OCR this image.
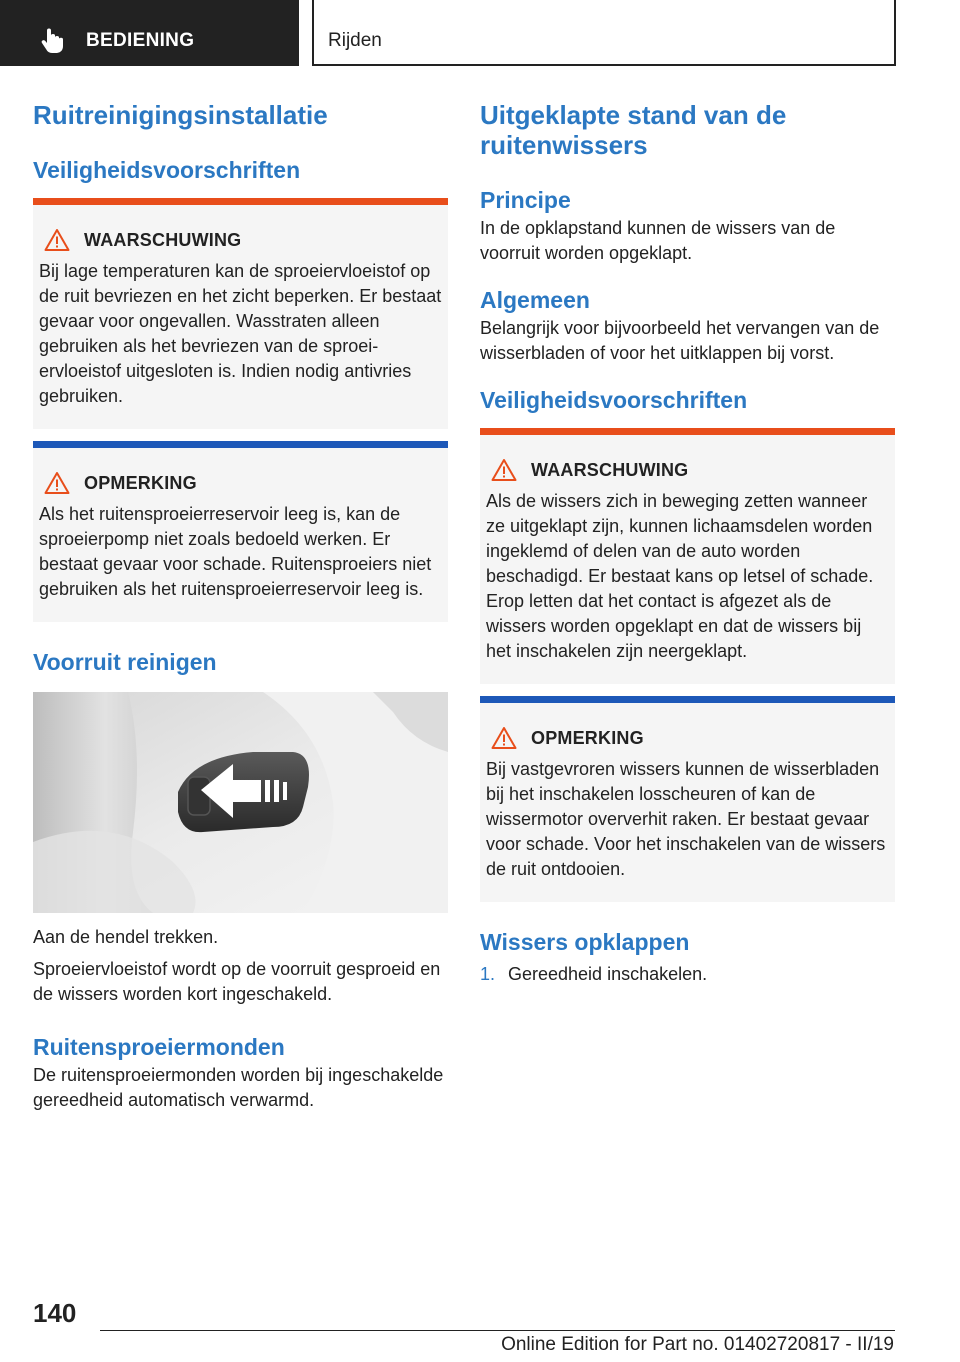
BEDIENING	Rijden
Ruitreinigingsinstallatie
Veiligheidsvoorschriften
WAARSCHUWING

Bij lage temperaturen kan de sproeiervloeistof op de ruit bevriezen en het zicht beperken. Er bestaat gevaar voor ongevallen. Wasstraten alleen gebruiken als het bevriezen van de sproeiervloeistof uitgesloten is. Indien nodig antivries gebruiken.

OPMERKING

Als het ruitensproeierreservoir leeg is, kan de sproeierpomp niet zoals bedoeld werken. Er bestaat gevaar voor schade. Ruitensproeiers niet gebruiken als het ruitensproeierreservoir leeg is.

Voorruit reinigen

Aan de hendel trekken.

Sproeiervloeistof wordt op de voorruit gesproeid en de wissers worden kort ingeschakeld.

Ruitensproeiermonden

De ruitensproeiermonden worden bij ingeschakelde gereedheid automatisch verwarmd.

Uitgeklapte stand van de ruitenwissers
Principe

In de opklapstand kunnen de wissers van de voorruit worden opgeklapt.

Algemeen

Belangrijk voor bijvoorbeeld het vervangen van de wisserbladen of voor het uitklappen bij vorst.

Veiligheidsvoorschriften
WAARSCHUWING

Als de wissers zich in beweging zetten wanneer ze uitgeklapt zijn, kunnen lichaamsdelen worden ingeklemd of delen van de auto worden beschadigd. Er bestaat kans op letsel of schade. Erop letten dat het contact is afgezet als de wissers worden opgeklapt en dat de wissers bij het inschakelen zijn neergeklapt.

OPMERKING

Bij vastgevroren wissers kunnen de wisserbladen bij het inschakelen losscheuren of kan de wissermotor oververhit raken. Er bestaat gevaar voor schade. Voor het inschakelen van de wissers de ruit ontdooien.

Wissers opklappen
1. Gereedheid inschakelen.
140
Online Edition for Part no. 01402720817 - II/19
